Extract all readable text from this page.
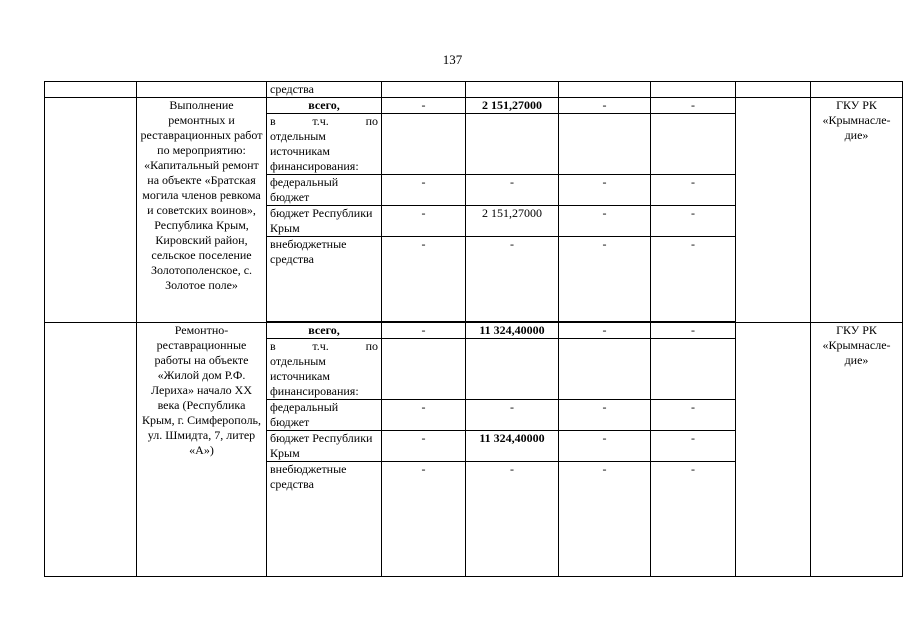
137
		средства						
	Выполнение ремонтных и реставрационных работ по мероприятию: «Капитальный ремонт на объекте «Братская могила членов ревкома и советских воинов», Республика Крым, Кировский район, сельское поселение Золотополенское, с. Золотое поле»	всего,	-	2 151,27000	-	-		ГКУ РК «Крымнасле-дие»

		в т.ч. по
отдельным источникам финансирования:						

		федеральный бюджет	-	-	-	-		
		бюджет Республики Крым	-	2 151,27000	-	-		
		внебюджетные средства	-	-	-	-		

	Ремонтно-реставрационные работы на объекте «Жилой дом Р.Ф. Лериха» начало XX века (Республика Крым, г. Симферополь, ул. Шмидта, 7, литер «А»)	всего,	-	11 324,40000	-	-		ГКУ РК «Крымнасле-дие»

		в т.ч. по
отдельным источникам финансирования:						

		федеральный бюджет	-	-	-	-		
		бюджет Республики Крым	-	11 324,40000	-	-		
		внебюджетные средства	-	-	-	-		
